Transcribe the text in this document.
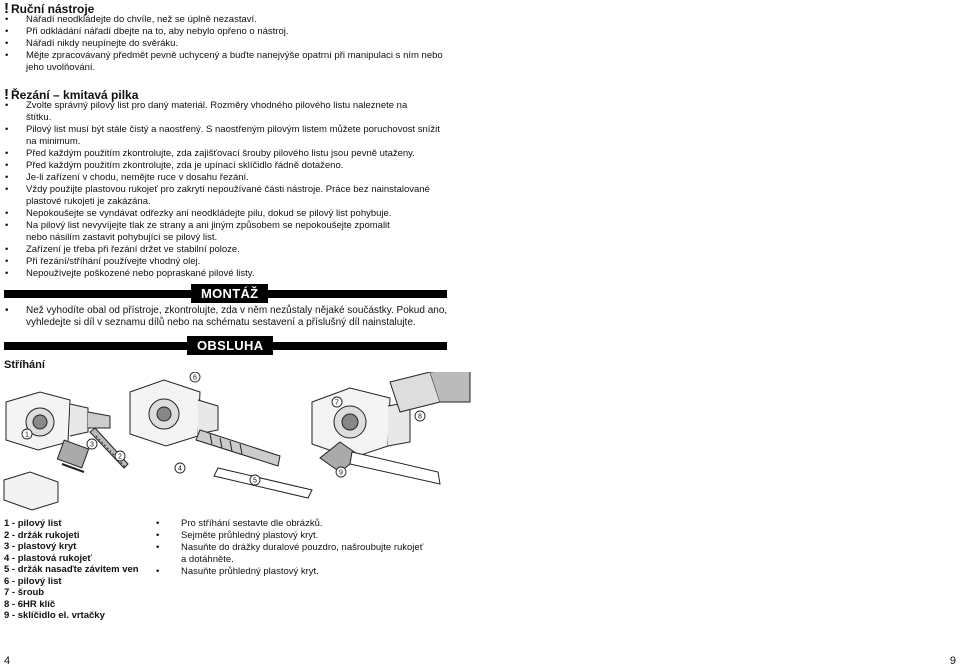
! Ruční nástroje
• Nářadí neodkládejte do chvíle, než se úplně nezastaví.
• Při odkládání nářadí dbejte na to, aby nebylo opřeno o nástroj.
• Nářadí nikdy neupínejte do svěráku.
• Mějte zpracovávaný předmět pevně uchycený a buďte nanejvýše opatrní při manipulaci s ním nebo jeho uvolňování.
! Řezání – kmitavá pilka
• Zvolte správný pilový list pro daný materiál. Rozměry vhodného pilového listu naleznete na štítku.
• Pilový list musí být stále čistý a naostřený. S naostřeným pilovým listem můžete poruchovost snížit na minimum.
• Před každým použitím zkontrolujte, zda zajišťovací šrouby pilového listu jsou pevně utaženy.
• Před každým použitím zkontrolujte, zda je upínací sklíčidlo řádně dotaženo.
• Je-li zařízení v chodu, nemějte ruce v dosahu řezání.
• Vždy použijte plastovou rukojeť pro zakrytí nepoužívané části nástroje. Práce bez nainstalované plastové rukojeti je zakázána.
• Nepokoušejte se vyndávat odřezky ani neodkládejte pilu, dokud se pilový list pohybuje.
• Na pilový list nevyvíjejte tlak ze strany a ani jiným způsobem se nepokoušejte zpomalit nebo násilím zastavit pohybující se pilový list.
• Zařízení je třeba při řezání držet ve stabilní poloze.
• Při řezání/stříhání používejte vhodný olej.
• Nepoužívejte poškozené nebo popraskané pilové listy.
MONTÁŽ
• Než vyhodíte obal od přístroje, zkontrolujte, zda v něm nezůstaly nějaké součástky. Pokud ano, vyhledejte si díl v seznamu dílů nebo na schématu sestavení a příslušný díl nainstalujte.
OBSLUHA
Stříhání
1
2
3
4
5
6
7
8
9
1 - pilový list
2 - držák rukojeti
3 - plastový kryt
4 - plastová rukojeť
5 - držák nasaďte závitem ven
6 - pilový list
7 - šroub
8 - 6HR klíč
9 - sklíčidlo el. vrtačky
• Pro stříhání sestavte dle obrázků.
• Sejměte průhledný plastový kryt.
• Nasuňte do drážky duralové pouzdro, našroubujte rukojeť a dotáhněte.
• Nasuňte průhledný plastový kryt.
4	9
